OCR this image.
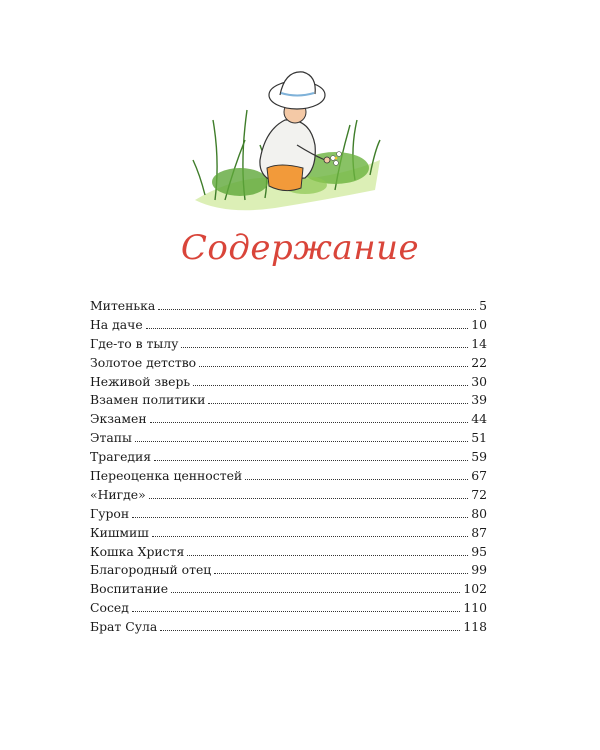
Содержание
Митенька	5
На даче	10
Где-то в тылу	14
Золотое детство	22
Неживой зверь	30
Взамен политики	39
Экзамен	44
Этапы	51
Трагедия	59
Переоценка ценностей	67
«Нигде»	72
Гурон	80
Кишмиш	87
Кошка Христя	95
Благородный отец	99
Воспитание	102
Сосед	110
Брат Сула	118
